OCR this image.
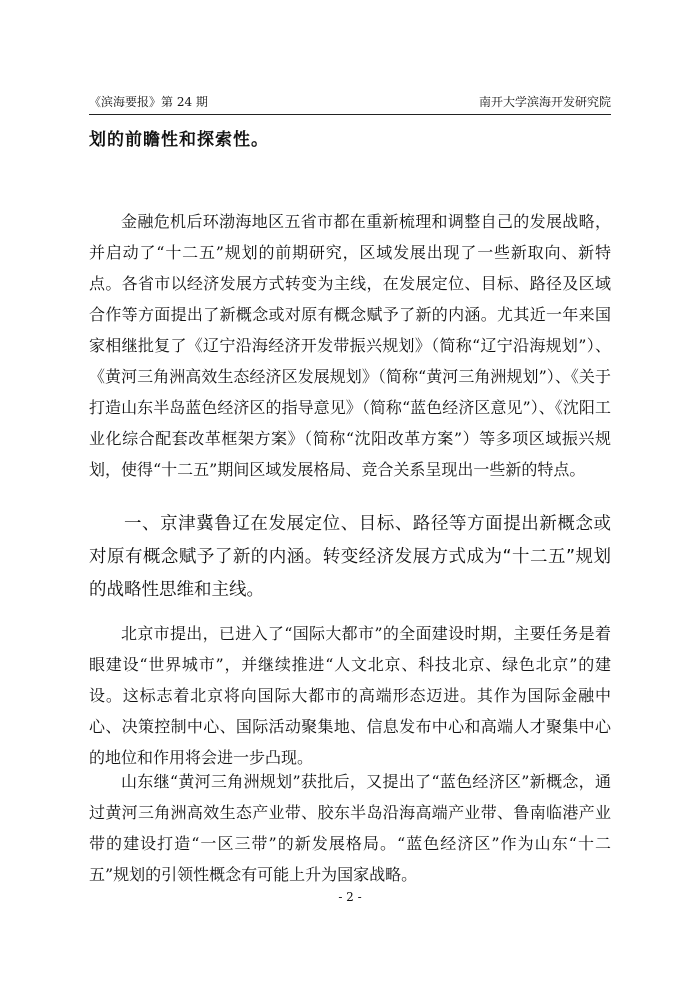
《滨海要报》第 24 期	南开大学滨海开发研究院

划的前瞻性和探索性。

金融危机后环渤海地区五省市都在重新梳理和调整自己的发展战略，并启动了“十二五”规划的前期研究，区域发展出现了一些新取向、新特点。各省市以经济发展方式转变为主线，在发展定位、目标、路径及区域合作等方面提出了新概念或对原有概念赋予了新的内涵。尤其近一年来国家相继批复了《辽宁沿海经济开发带振兴规划》（简称“辽宁沿海规划”）、《黄河三角洲高效生态经济区发展规划》（简称“黄河三角洲规划”）、《关于打造山东半岛蓝色经济区的指导意见》（简称“蓝色经济区意见”）、《沈阳工业化综合配套改革框架方案》（简称“沈阳改革方案”）等多项区域振兴规划，使得“十二五”期间区域发展格局、竞合关系呈现出一些新的特点。

一、京津冀鲁辽在发展定位、目标、路径等方面提出新概念或对原有概念赋予了新的内涵。转变经济发展方式成为“十二五”规划的战略性思维和主线。

北京市提出，已进入了“国际大都市”的全面建设时期，主要任务是着眼建设“世界城市”，并继续推进“人文北京、科技北京、绿色北京”的建设。这标志着北京将向国际大都市的高端形态迈进。其作为国际金融中心、决策控制中心、国际活动聚集地、信息发布中心和高端人才聚集中心的地位和作用将会进一步凸现。

山东继“黄河三角洲规划”获批后，又提出了“蓝色经济区”新概念，通过黄河三角洲高效生态产业带、胶东半岛沿海高端产业带、鲁南临港产业带的建设打造“一区三带”的新发展格局。“蓝色经济区”作为山东“十二五”规划的引领性概念有可能上升为国家战略。

- 2 -
